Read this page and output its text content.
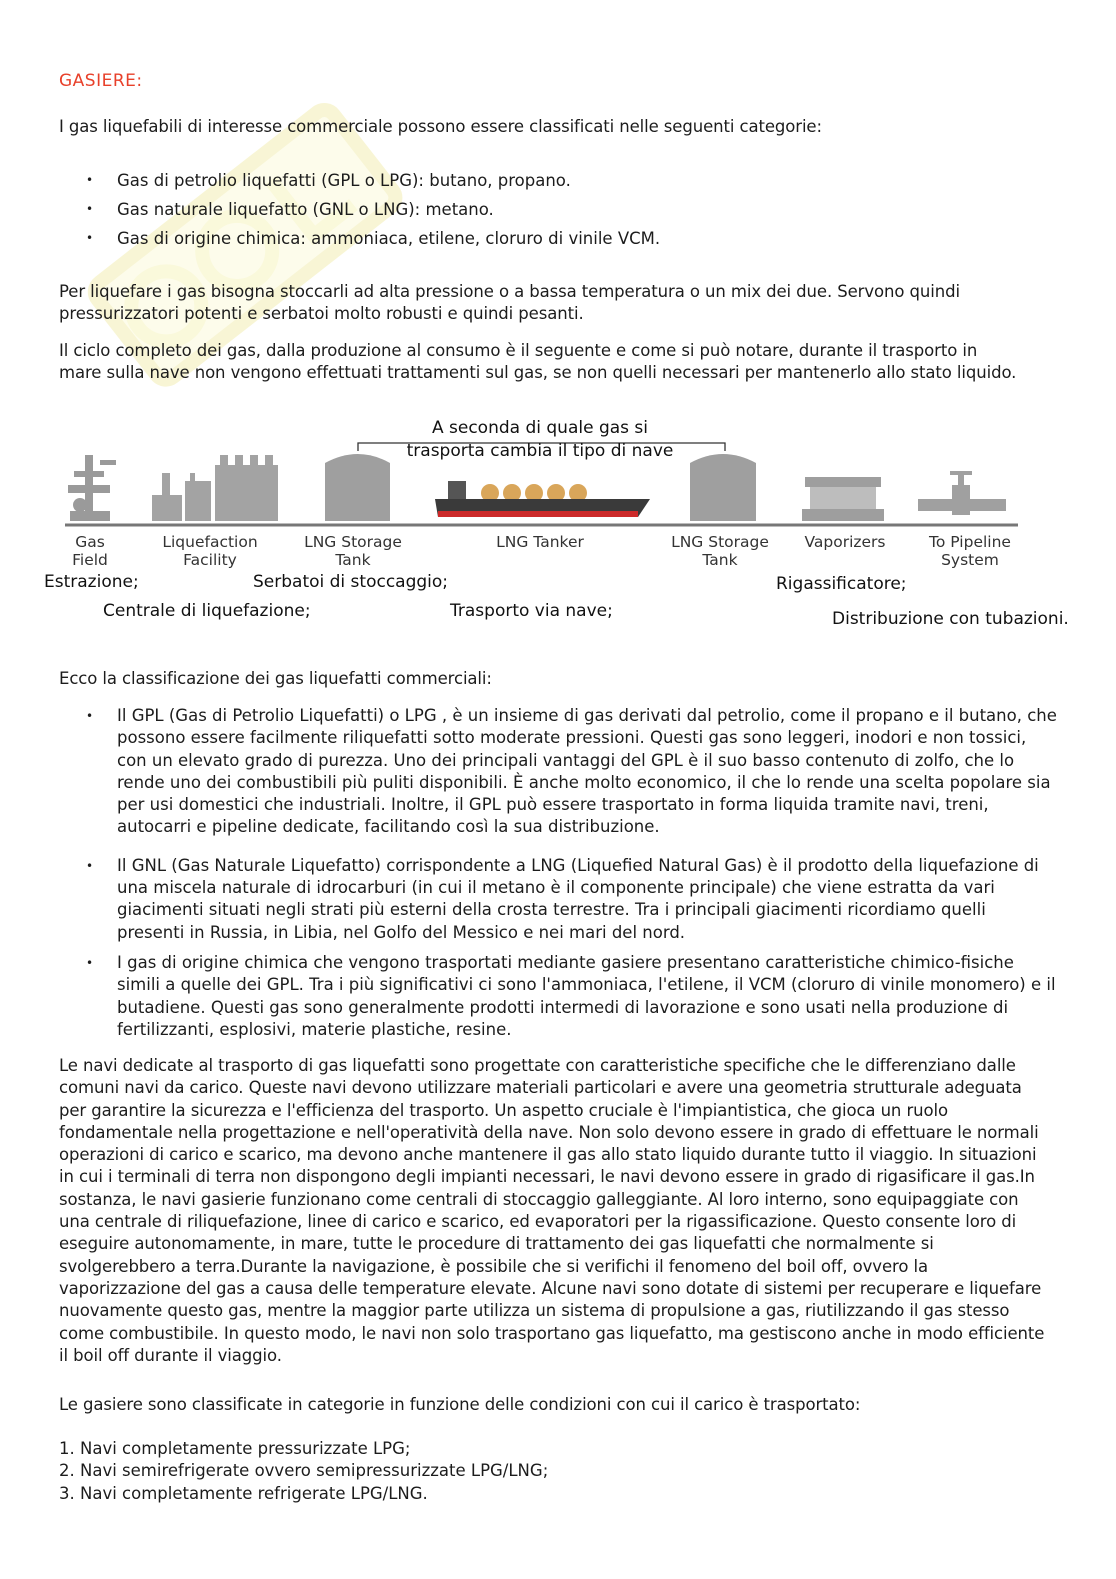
GASIERE:

I gas liquefabili di interesse commerciale possono essere classificati nelle seguenti categorie:

• Gas di petrolio liquefatti (GPL o LPG): butano, propano.
• Gas naturale liquefatto (GNL o LNG): metano.
• Gas di origine chimica: ammoniaca, etilene, cloruro di vinile VCM.

Per liquefare i gas bisogna stoccarli ad alta pressione o a bassa temperatura o un mix dei due. Servono quindi pressurizzatori potenti e serbatoi molto robusti e quindi pesanti.

Il ciclo completo dei gas, dalla produzione al consumo è il seguente e come si può notare, durante il trasporto in mare sulla nave non vengono effettuati trattamenti sul gas, se non quelli necessari per mantenerlo allo stato liquido.

A seconda di quale gas si
trasporta cambia il tipo di nave
Gas
Field
Liquefaction
Facility
LNG Storage
Tank
LNG Tanker	LNG Storage
Tank
Vaporizers	To Pipeline
System
Estrazione;
Centrale di liquefazione;
Serbatoi di stoccaggio;
Trasporto via nave;
Rigassificatore;
Distribuzione con tubazioni.

Ecco la classificazione dei gas liquefatti commerciali:

• Il GPL (Gas di Petrolio Liquefatti) o LPG , è un insieme di gas derivati dal petrolio, come il propano e il butano, che possono essere facilmente riliquefatti sotto moderate pressioni. Questi gas sono leggeri, inodori e non tossici, con un elevato grado di purezza. Uno dei principali vantaggi del GPL è il suo basso contenuto di zolfo, che lo rende uno dei combustibili più puliti disponibili. È anche molto economico, il che lo rende una scelta popolare sia per usi domestici che industriali. Inoltre, il GPL può essere trasportato in forma liquida tramite navi, treni, autocarri e pipeline dedicate, facilitando così la sua distribuzione.
• Il GNL (Gas Naturale Liquefatto) corrispondente a LNG (Liquefied Natural Gas) è il prodotto della liquefazione di una miscela naturale di idrocarburi (in cui il metano è il componente principale) che viene estratta da vari giacimenti situati negli strati più esterni della crosta terrestre. Tra i principali giacimenti ricordiamo quelli presenti in Russia, in Libia, nel Golfo del Messico e nei mari del nord.
• I gas di origine chimica che vengono trasportati mediante gasiere presentano caratteristiche chimico-fisiche simili a quelle dei GPL. Tra i più significativi ci sono l'ammoniaca, l'etilene, il VCM (cloruro di vinile monomero) e il butadiene. Questi gas sono generalmente prodotti intermedi di lavorazione e sono usati nella produzione di fertilizzanti, esplosivi, materie plastiche, resine.

Le navi dedicate al trasporto di gas liquefatti sono progettate con caratteristiche specifiche che le differenziano dalle comuni navi da carico. Queste navi devono utilizzare materiali particolari e avere una geometria strutturale adeguata per garantire la sicurezza e l'efficienza del trasporto. Un aspetto cruciale è l'impiantistica, che gioca un ruolo fondamentale nella progettazione e nell'operatività della nave. Non solo devono essere in grado di effettuare le normali operazioni di carico e scarico, ma devono anche mantenere il gas allo stato liquido durante tutto il viaggio. In situazioni in cui i terminali di terra non dispongono degli impianti necessari, le navi devono essere in grado di rigasificare il gas.In sostanza, le navi gasierie funzionano come centrali di stoccaggio galleggiante. Al loro interno, sono equipaggiate con una centrale di riliquefazione, linee di carico e scarico, ed evaporatori per la rigassificazione. Questo consente loro di eseguire autonomamente, in mare, tutte le procedure di trattamento dei gas liquefatti che normalmente si svolgerebbero a terra.Durante la navigazione, è possibile che si verifichi il fenomeno del boil off, ovvero la vaporizzazione del gas a causa delle temperature elevate. Alcune navi sono dotate di sistemi per recuperare e liquefare nuovamente questo gas, mentre la maggior parte utilizza un sistema di propulsione a gas, riutilizzando il gas stesso come combustibile. In questo modo, le navi non solo trasportano gas liquefatto, ma gestiscono anche in modo efficiente il boil off durante il viaggio.

Le gasiere sono classificate in categorie in funzione delle condizioni con cui il carico è trasportato:

1. Navi completamente pressurizzate LPG;
2. Navi semirefrigerate ovvero semipressurizzate LPG/LNG;
3. Navi completamente refrigerate LPG/LNG.
